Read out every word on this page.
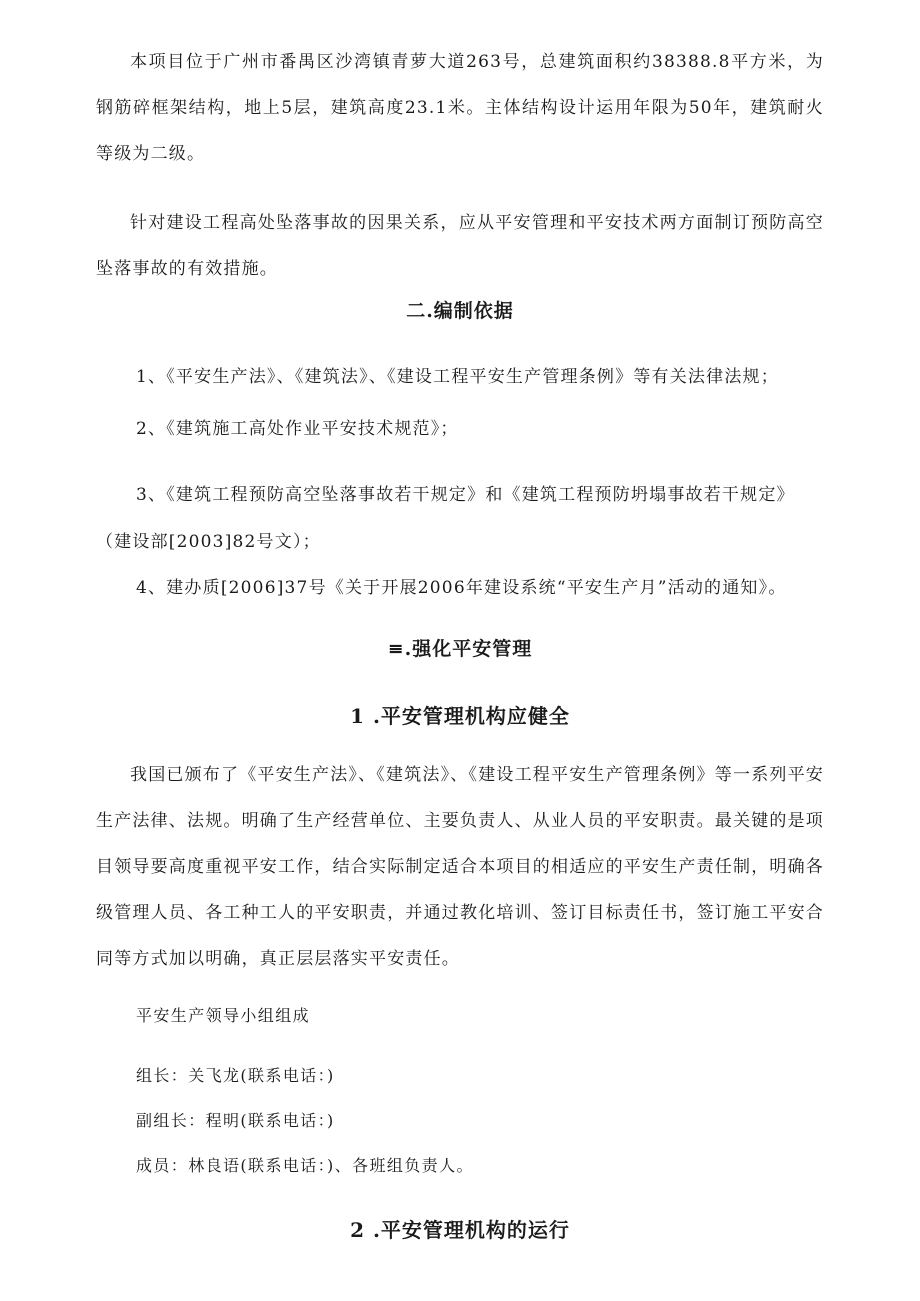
本项目位于广州市番禺区沙湾镇青萝大道263号，总建筑面积约38388.8平方米，为钢筋碎框架结构，地上5层，建筑高度23.1米。主体结构设计运用年限为50年，建筑耐火等级为二级。

针对建设工程高处坠落事故的因果关系，应从平安管理和平安技术两方面制订预防高空坠落事故的有效措施。

二.编制依据

1、《平安生产法》、《建筑法》、《建设工程平安生产管理条例》等有关法律法规；

2、《建筑施工高处作业平安技术规范》；

3、《建筑工程预防高空坠落事故若干规定》和《建筑工程预防坍塌事故若干规定》

（建设部[2003]82号文）；

4、建办质[2006]37号《关于开展2006年建设系统“平安生产月”活动的通知》。

≡.强化平安管理
1 .平安管理机构应健全

我国已颁布了《平安生产法》、《建筑法》、《建设工程平安生产管理条例》等一系列平安生产法律、法规。明确了生产经营单位、主要负责人、从业人员的平安职责。最关键的是项目领导要高度重视平安工作，结合实际制定适合本项目的相适应的平安生产责任制，明确各级管理人员、各工种工人的平安职责，并通过教化培训、签订目标责任书，签订施工平安合同等方式加以明确，真正层层落实平安责任。

平安生产领导小组组成

组长：关飞龙(联系电话：)

副组长：程明(联系电话：)

成员：林良语(联系电话：)、各班组负责人。

2 .平安管理机构的运行
